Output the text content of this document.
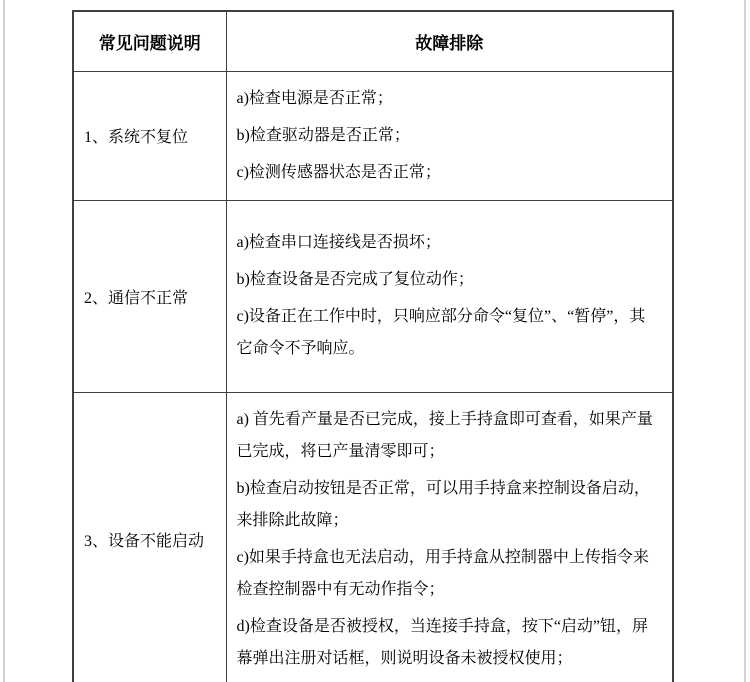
常见问题说明	故障排除
1、系统不复位	a)检查电源是否正常；

b)检查驱动器是否正常；

c)检测传感器状态是否正常；

2、通信不正常	a)检查串口连接线是否损坏；

b)检查设备是否完成了复位动作；

c)设备正在工作中时，只响应部分命令“复位”、“暂停”，其它命令不予响应。

3、设备不能启动	a) 首先看产量是否已完成，接上手持盒即可查看，如果产量已完成，将已产量清零即可；

b)检查启动按钮是否正常，可以用手持盒来控制设备启动，来排除此故障；

c)如果手持盒也无法启动，用手持盒从控制器中上传指令来检查控制器中有无动作指令；

d)检查设备是否被授权，当连接手持盒，按下“启动”钮，屏幕弹出注册对话框，则说明设备未被授权使用；
